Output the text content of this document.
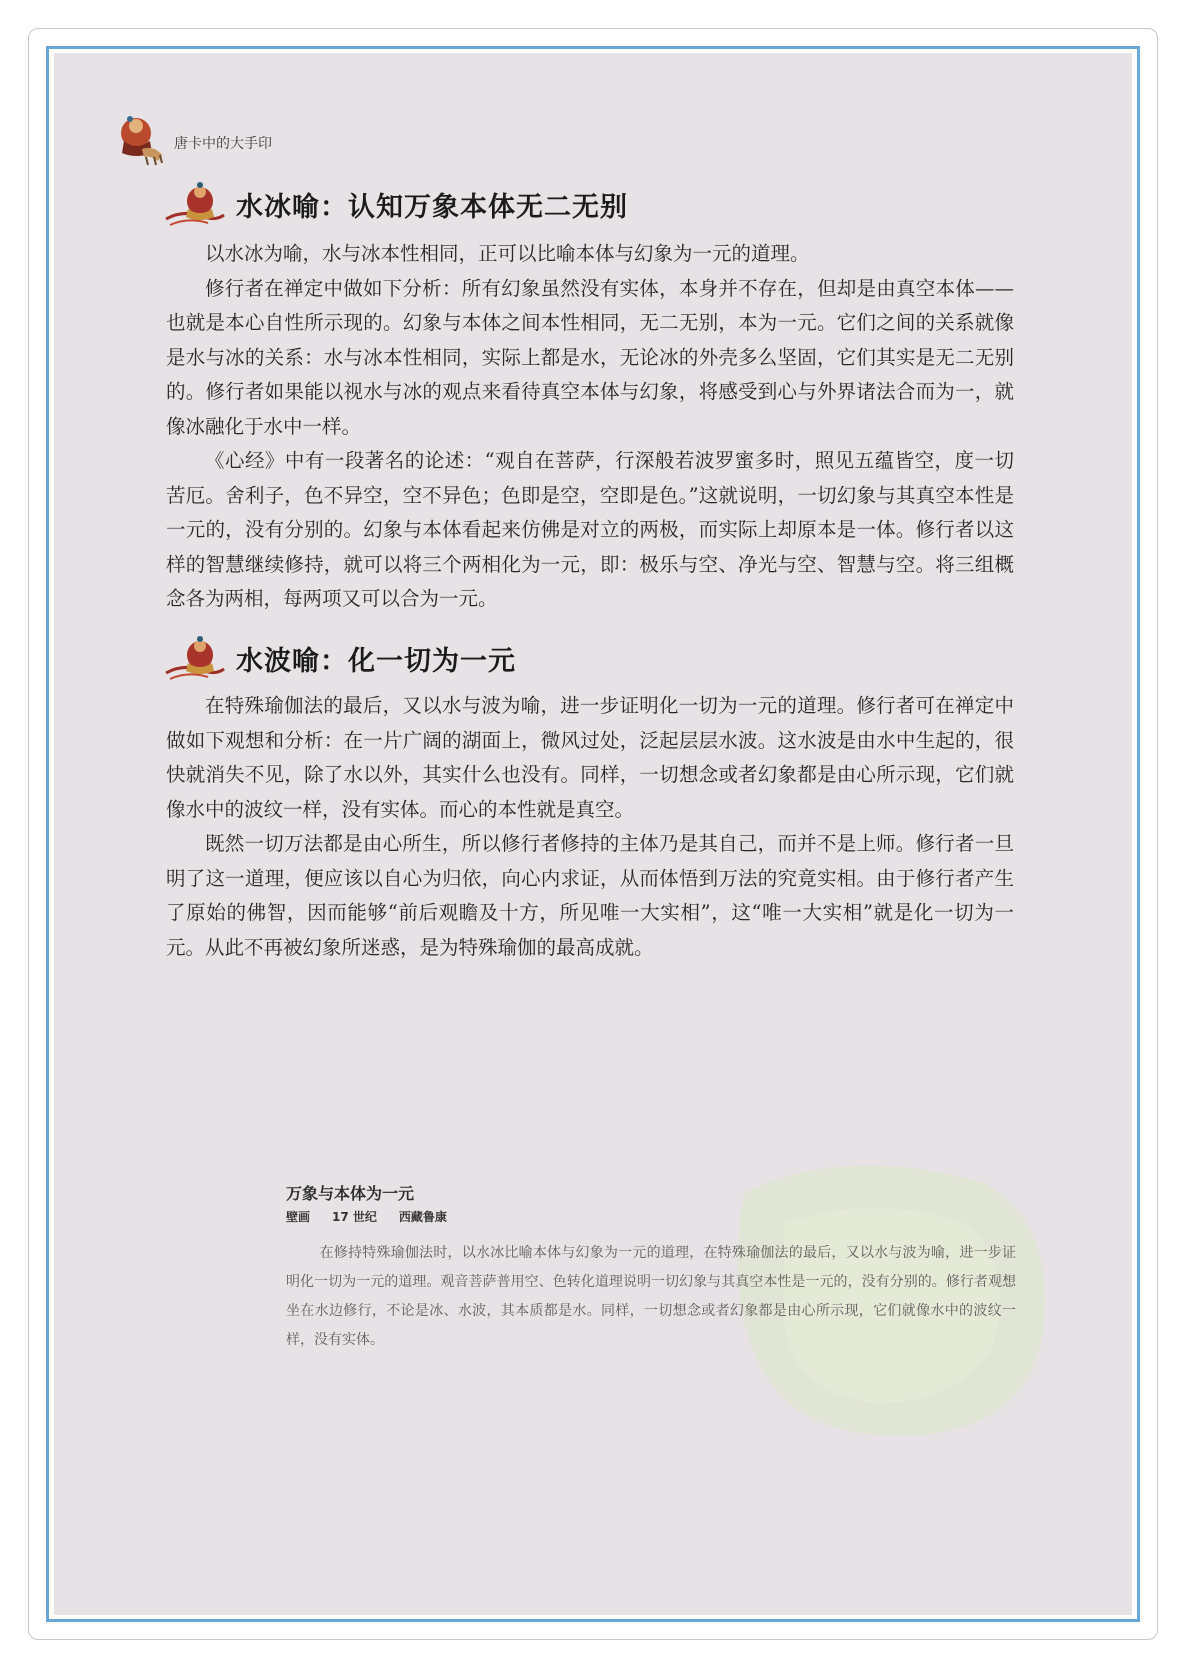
唐卡中的大手印
水冰喻：认知万象本体无二无别

以水冰为喻，水与冰本性相同，正可以比喻本体与幻象为一元的道理。

修行者在禅定中做如下分析：所有幻象虽然没有实体，本身并不存在，但却是由真空本体——也就是本心自性所示现的。幻象与本体之间本性相同，无二无别，本为一元。它们之间的关系就像是水与冰的关系：水与冰本性相同，实际上都是水，无论冰的外壳多么坚固，它们其实是无二无别的。修行者如果能以视水与冰的观点来看待真空本体与幻象，将感受到心与外界诸法合而为一，就像冰融化于水中一样。

《心经》中有一段著名的论述：“观自在菩萨，行深般若波罗蜜多时，照见五蕴皆空，度一切苦厄。舍利子，色不异空，空不异色；色即是空，空即是色。”这就说明，一切幻象与其真空本性是一元的，没有分别的。幻象与本体看起来仿佛是对立的两极，而实际上却原本是一体。修行者以这样的智慧继续修持，就可以将三个两相化为一元，即：极乐与空、净光与空、智慧与空。将三组概念各为两相，每两项又可以合为一元。

水波喻：化一切为一元

在特殊瑜伽法的最后，又以水与波为喻，进一步证明化一切为一元的道理。修行者可在禅定中做如下观想和分析：在一片广阔的湖面上，微风过处，泛起层层水波。这水波是由水中生起的，很快就消失不见，除了水以外，其实什么也没有。同样，一切想念或者幻象都是由心所示现，它们就像水中的波纹一样，没有实体。而心的本性就是真空。

既然一切万法都是由心所生，所以修行者修持的主体乃是其自己，而并不是上师。修行者一旦明了这一道理，便应该以自心为归依，向心内求证，从而体悟到万法的究竟实相。由于修行者产生了原始的佛智，因而能够“前后观瞻及十方，所见唯一大实相”，这“唯一大实相”就是化一切为一元。从此不再被幻象所迷惑，是为特殊瑜伽的最高成就。

万象与本体为一元
壁画 17 世纪 西藏鲁康
在修持特殊瑜伽法时，以水冰比喻本体与幻象为一元的道理，在特殊瑜伽法的最后，又以水与波为喻，进一步证明化一切为一元的道理。观音菩萨普用空、色转化道理说明一切幻象与其真空本性是一元的，没有分别的。修行者观想坐在水边修行，不论是冰、水波，其本质都是水。同样，一切想念或者幻象都是由心所示现，它们就像水中的波纹一样，没有实体。
